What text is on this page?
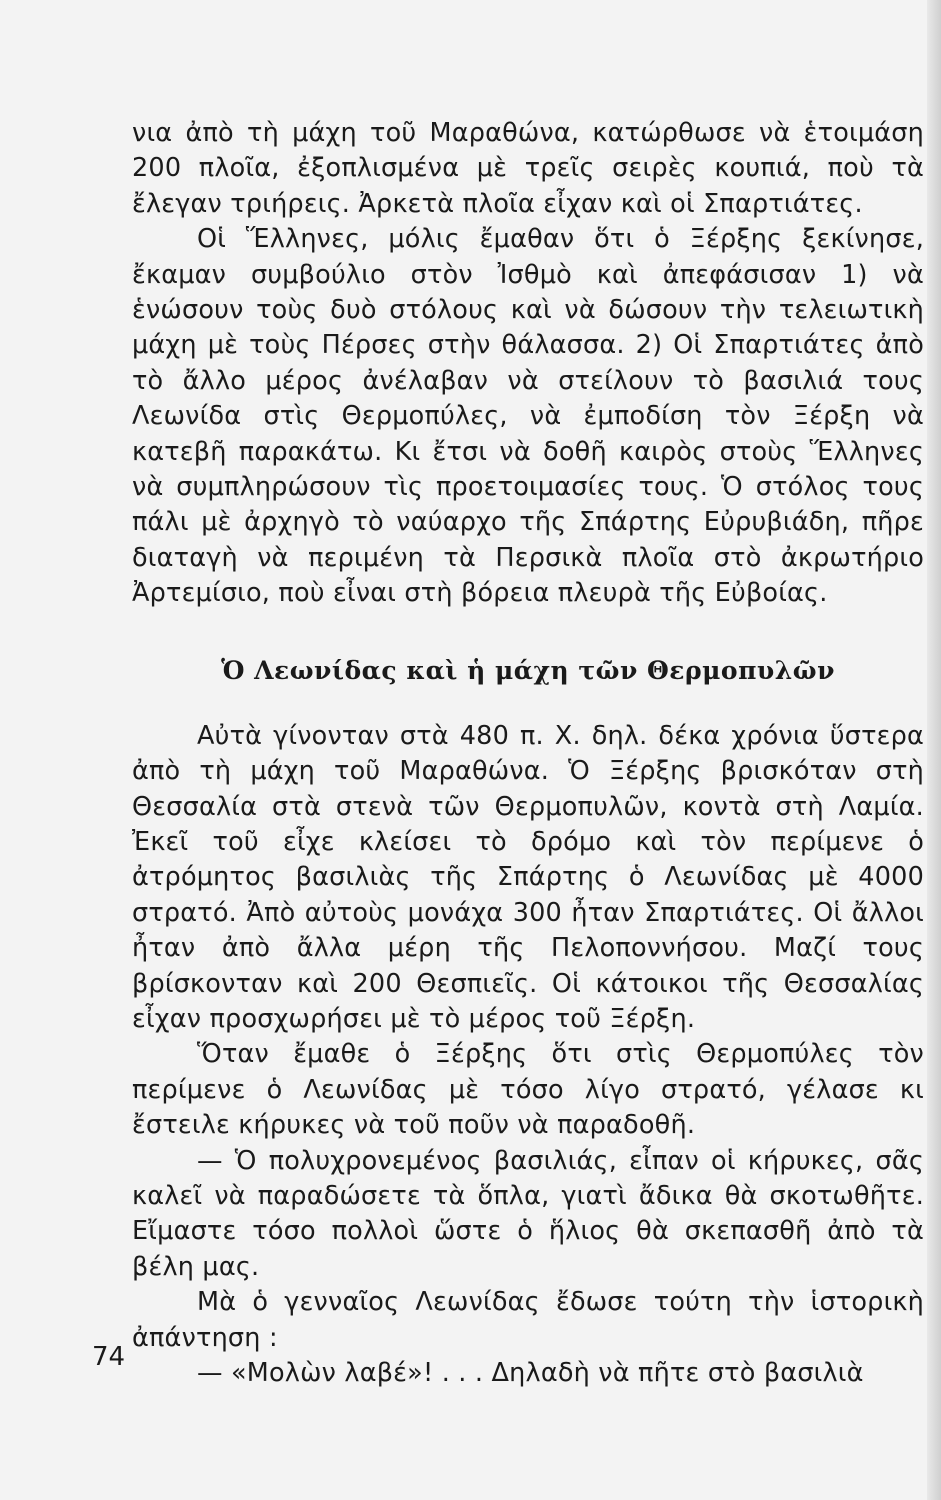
νια ἀπὸ τὴ μάχη τοῦ Μαραθώνα, κατώρθωσε νὰ ἑτοιμάση 200 πλοῖα, ἐξοπλισμένα μὲ τρεῖς σειρὲς κουπιά, ποὺ τὰ ἔλεγαν τριήρεις. Ἀρκετὰ πλοῖα εἶχαν καὶ οἱ Σπαρτιάτες.

Οἱ Ἕλληνες, μόλις ἔμαθαν ὅτι ὁ Ξέρξης ξεκίνησε, ἔκαμαν συμβούλιο στὸν Ἰσθμὸ καὶ ἀπεφάσισαν 1) νὰ ἑνώσουν τοὺς δυὸ στόλους καὶ νὰ δώσουν τὴν τελειωτικὴ μάχη μὲ τοὺς Πέρσες στὴν θάλασσα. 2) Οἱ Σπαρτιάτες ἀπὸ τὸ ἄλλο μέρος ἀνέλαβαν νὰ στείλουν τὸ βασιλιά τους Λεωνίδα στὶς Θερμοπύλες, νὰ ἐμποδίση τὸν Ξέρξη νὰ κατεβῆ παρακάτω. Κι ἔτσι νὰ δοθῆ καιρὸς στοὺς Ἕλληνες νὰ συμπληρώσουν τὶς προετοιμασίες τους. Ὁ στόλος τους πάλι μὲ ἀρχηγὸ τὸ ναύαρχο τῆς Σπάρτης Εὐρυβιάδη, πῆρε διαταγὴ νὰ περιμένη τὰ Περσικὰ πλοῖα στὸ ἀκρωτήριο Ἀρτεμίσιο, ποὺ εἶναι στὴ βόρεια πλευρὰ τῆς Εὐβοίας.

Ὁ Λεωνίδας καὶ ἡ μάχη τῶν Θερμοπυλῶν

Αὐτὰ γίνονταν στὰ 480 π. Χ. δηλ. δέκα χρόνια ὕστερα ἀπὸ τὴ μάχη τοῦ Μαραθώνα. Ὁ Ξέρξης βρισκόταν στὴ Θεσσαλία στὰ στενὰ τῶν Θερμοπυλῶν, κοντὰ στὴ Λαμία. Ἐκεῖ τοῦ εἶχε κλείσει τὸ δρόμο καὶ τὸν περίμενε ὁ ἀτρόμητος βασιλιὰς τῆς Σπάρτης ὁ Λεωνίδας μὲ 4000 στρατό. Ἀπὸ αὐτοὺς μονάχα 300 ἦταν Σπαρτιάτες. Οἱ ἄλλοι ἦταν ἀπὸ ἄλλα μέρη τῆς Πελοποννήσου. Μαζί τους βρίσκονταν καὶ 200 Θεσπιεῖς. Οἱ κάτοικοι τῆς Θεσσαλίας εἶχαν προσχωρήσει μὲ τὸ μέρος τοῦ Ξέρξη.

Ὅταν ἔμαθε ὁ Ξέρξης ὅτι στὶς Θερμοπύλες τὸν περίμενε ὁ Λεωνίδας μὲ τόσο λίγο στρατό, γέλασε κι ἔστειλε κήρυκες νὰ τοῦ ποῦν νὰ παραδοθῆ.

— Ὁ πολυχρονεμένος βασιλιάς, εἶπαν οἱ κήρυκες, σᾶς καλεῖ νὰ παραδώσετε τὰ ὅπλα, γιατὶ ἄδικα θὰ σκοτωθῆτε. Εἴμαστε τόσο πολλοὶ ὥστε ὁ ἥλιος θὰ σκεπασθῆ ἀπὸ τὰ βέλη μας.

Μὰ ὁ γενναῖος Λεωνίδας ἔδωσε τούτη τὴν ἱστορικὴ ἀπάντηση :

— «Μολὼν λαβέ»! . . . Δηλαδὴ νὰ πῆτε στὸ βασιλιὰ

74
